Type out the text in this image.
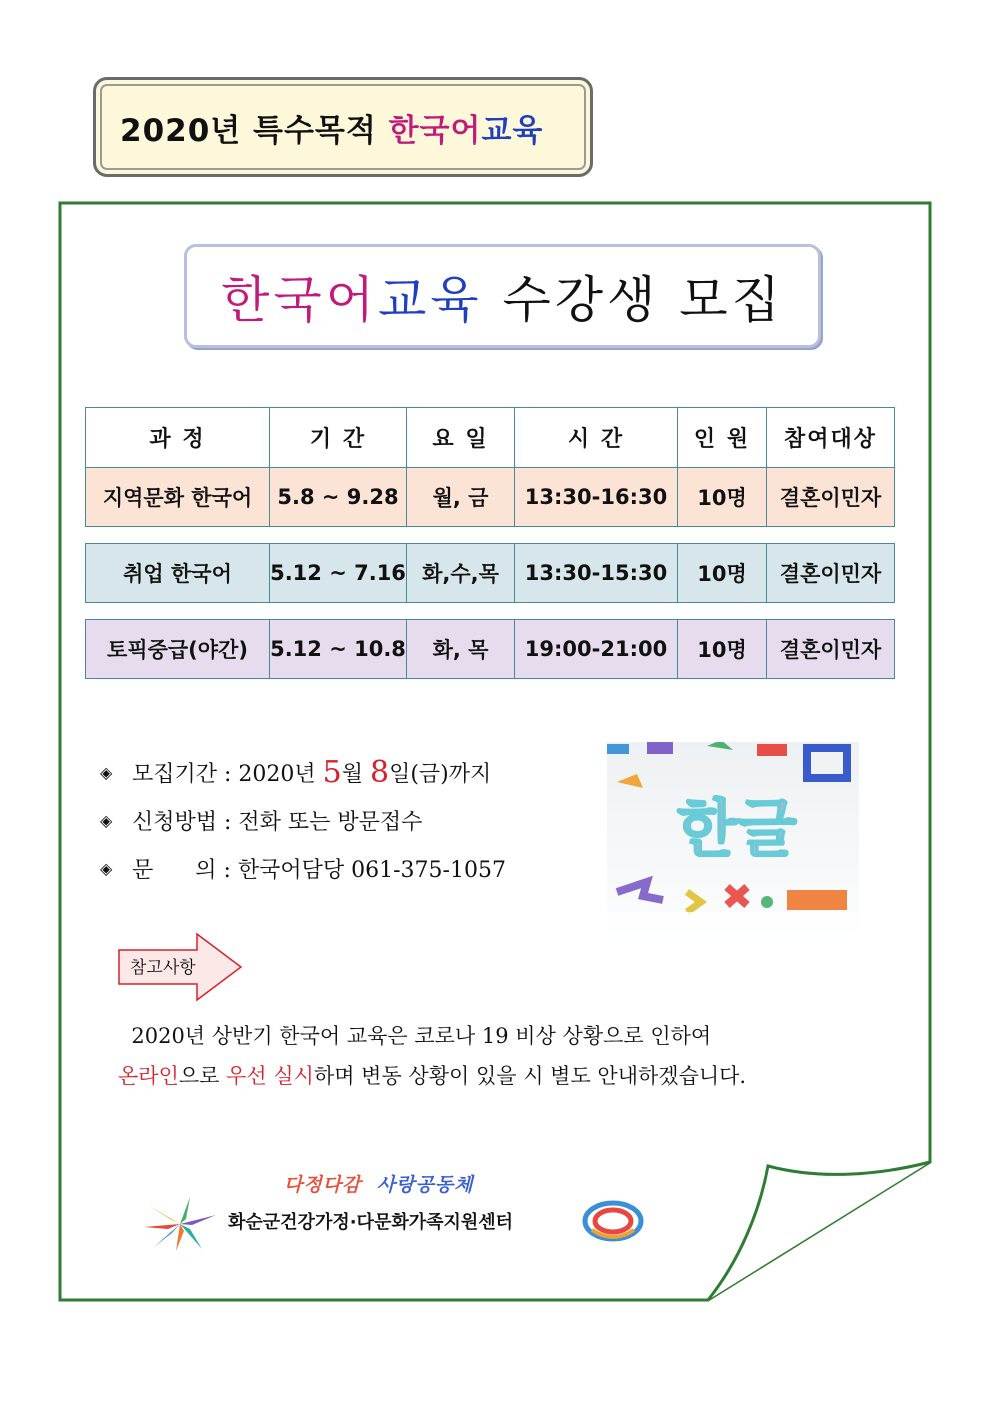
2020년 특수목적 한국어 교육
한국어 교육 수강생 모집
과 정	기 간	요 일	시 간	인 원	참여대상
지역문화 한국어	5.8 ~ 9.28	월, 금	13:30-16:30	10명	결혼이민자

취업 한국어	5.12 ~ 7.16	화,수,목	13:30-15:30	10명	결혼이민자

토픽중급(야간)	5.12 ~ 10.8	화, 목	19:00-21:00	10명	결혼이민자
◈ 모집기간 : 2020년 5 월 8 일(금)까지
◈ 신청방법 : 전화 또는 방문접수
◈ 문      의 : 한국어담당 061-375-1057
한글
참고사항
2020년 상반기 한국어 교육은 코로나 19 비상 상황으로 인하여
온라인으로 우선 실시하며 변동 상황이 있을 시 별도 안내하겠습니다.
다정다감 사랑공동체
화순군건강가정·다문화가족지원센터
